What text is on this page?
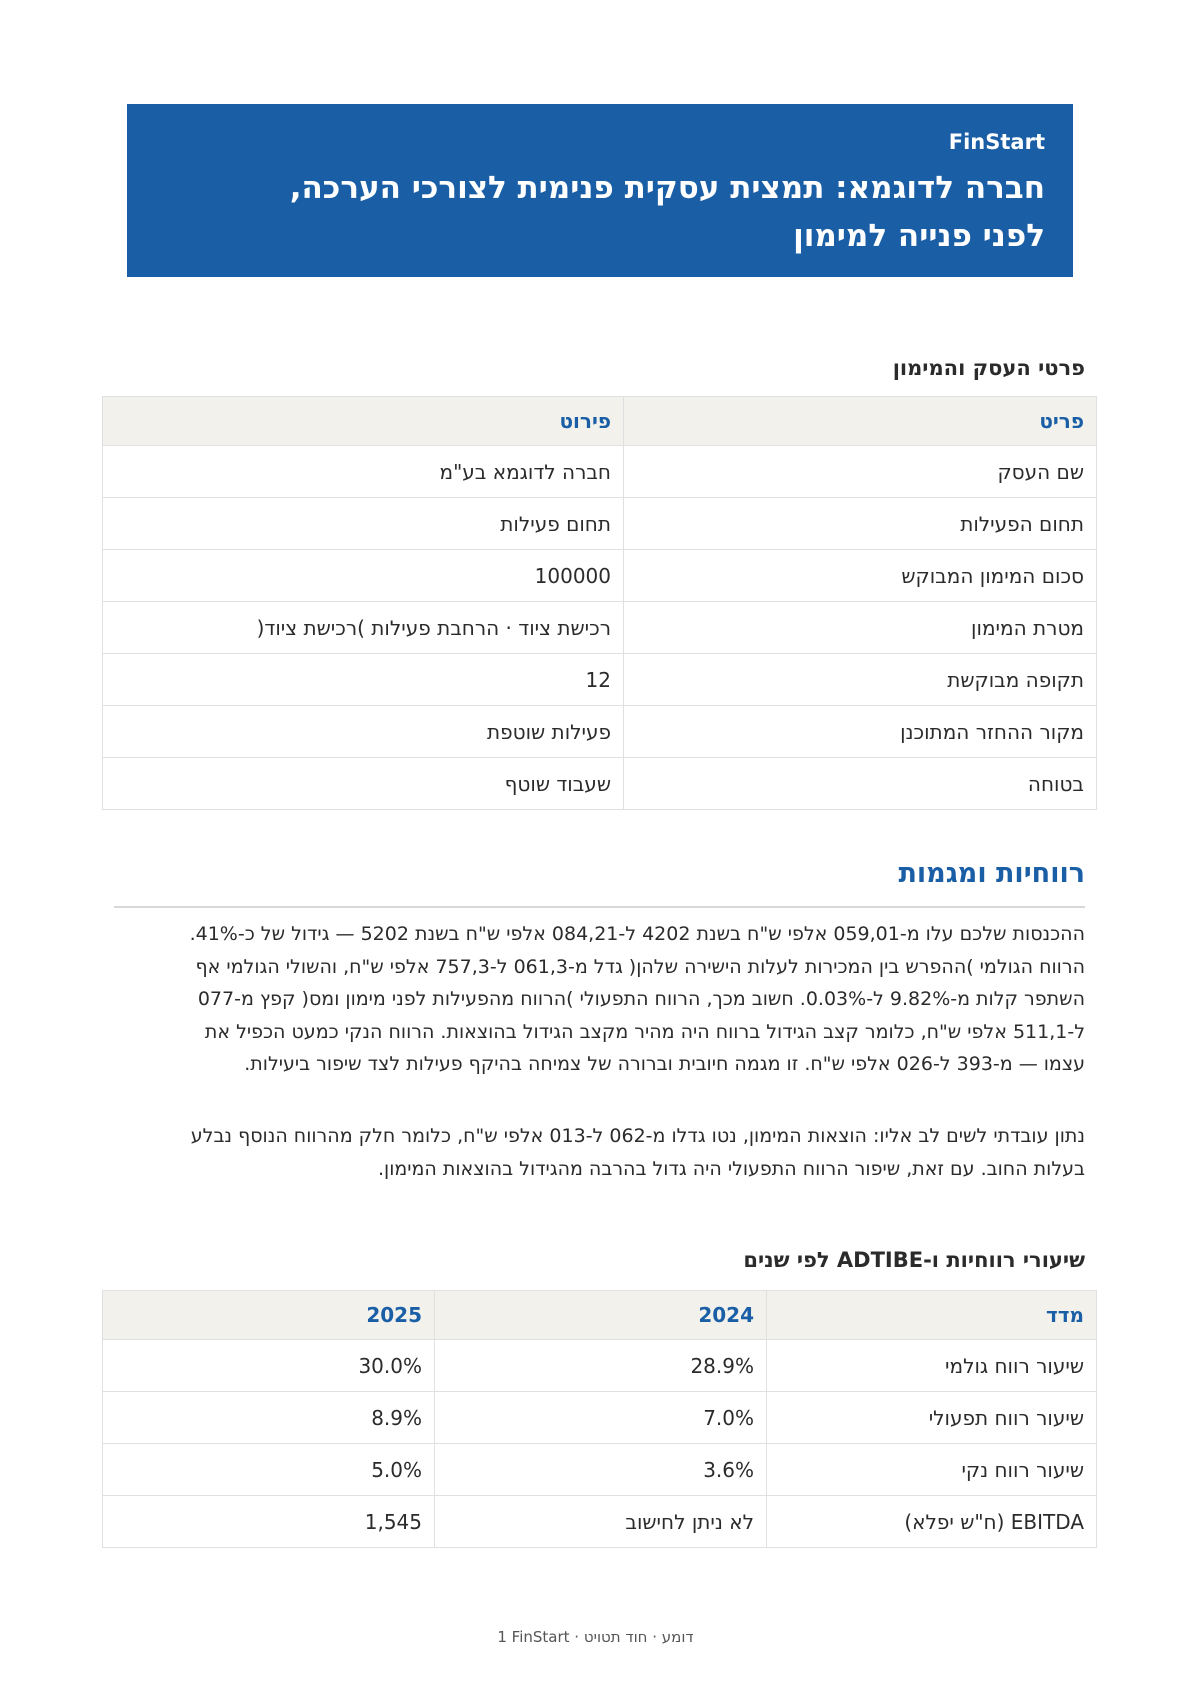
FinStart
חברה לדוגמא: תמצית עסקית פנימית לצורכי הערכה,
לפני פנייה למימון
פרטי העסק והמימון
פריט	פירוט
שם העסק	חברה לדוגמא בע"מ
תחום הפעילות	תחום פעילות
סכום המימון המבוקש	100000
מטרת המימון	רכישת ציוד · הרחבת פעילות )רכישת ציוד(
תקופה מבוקשת	12
מקור ההחזר המתוכנן	פעילות שוטפת
בטוחה	שעבוד שוטף
רווחיות ומגמות

ההכנסות שלכם עלו מ-059,01 אלפי ש"ח בשנת 4202 ל-084,21 אלפי ש"ח בשנת 5202 — גידול של כ-41%. הרווח הגולמי )ההפרש בין המכירות לעלות הישירה שלהן( גדל מ-061,3 ל-757,3 אלפי ש"ח, והשולי הגולמי אף השתפר קלות מ-9.82% ל-0.03%. חשוב מכך, הרווח התפעולי )הרווח מהפעילות לפני מימון ומס( קפץ מ-077 ל-511,1 אלפי ש"ח, כלומר קצב הגידול ברווח היה מהיר מקצב הגידול בהוצאות. הרווח הנקי כמעט הכפיל את עצמו — מ-393 ל-026 אלפי ש"ח. זו מגמה חיובית וברורה של צמיחה בהיקף פעילות לצד שיפור ביעילות.

נתון עובדתי לשים לב אליו: הוצאות המימון, נטו גדלו מ-062 ל-013 אלפי ש"ח, כלומר חלק מהרווח הנוסף נבלע בעלות החוב. עם זאת, שיפור הרווח התפעולי היה גדול בהרבה מהגידול בהוצאות המימון.

שיעורי רווחיות ו-ADTIBE לפי שנים
מדד	2024	2025
שיעור רווח גולמי	28.9%	30.0%
שיעור רווח תפעולי	7.0%	8.9%
שיעור רווח נקי	3.6%	5.0%
EBITDA (ח"ש יפלא)	לא ניתן לחישוב	1,545
1 FinStart · דומע · חוד תטויט
